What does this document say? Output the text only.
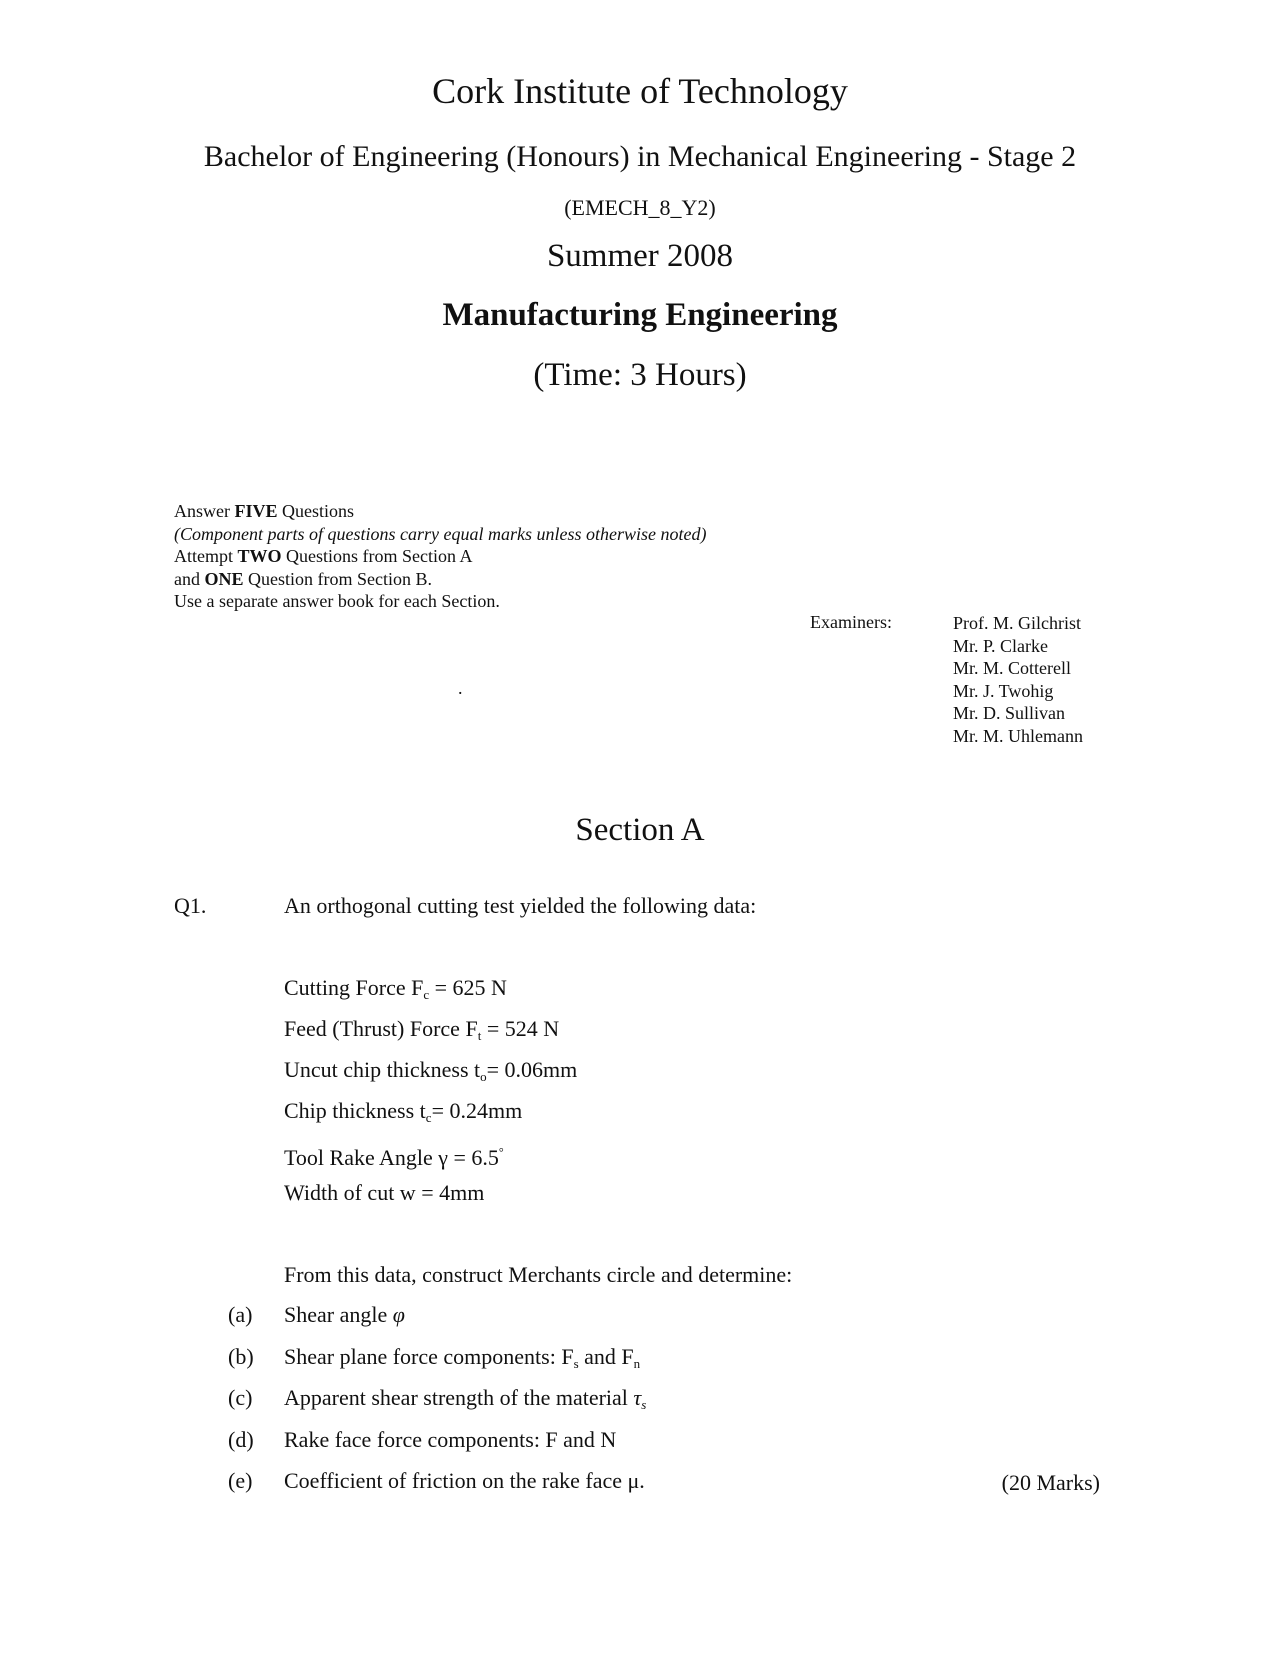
Cork Institute of Technology
Bachelor of Engineering (Honours) in Mechanical Engineering - Stage 2
(EMECH_8_Y2)
Summer 2008
Manufacturing Engineering
(Time: 3 Hours)
Answer FIVE Questions
(Component parts of questions carry equal marks unless otherwise noted)
Attempt TWO Questions from Section A
and ONE Question from Section B.
Use a separate answer book for each Section.
Examiners:	Prof. M. Gilchrist
Mr. P. Clarke
Mr. M. Cotterell
Mr. J. Twohig
Mr. D. Sullivan
Mr. M. Uhlemann
.
Section A
Q1.	An orthogonal cutting test yielded the following data:
Cutting Force $F_c = 625$ N
Feed (Thrust) Force $F_t = 524$ N
Uncut chip thickness $t_o= 0.06mm$
Chip thickness $t_c= 0.24mm$
Tool Rake Angle γ = 6.5°
Width of cut w = 4mm
From this data, construct Merchants circle and determine:
(a) Shear angle φ
(b) Shear plane force components: $F_s$ and $F_n$
(c) Apparent shear strength of the material $\tau_s$
(d) Rake face force components: F and N
(e) Coefficient of friction on the rake face μ.	(20 Marks)
